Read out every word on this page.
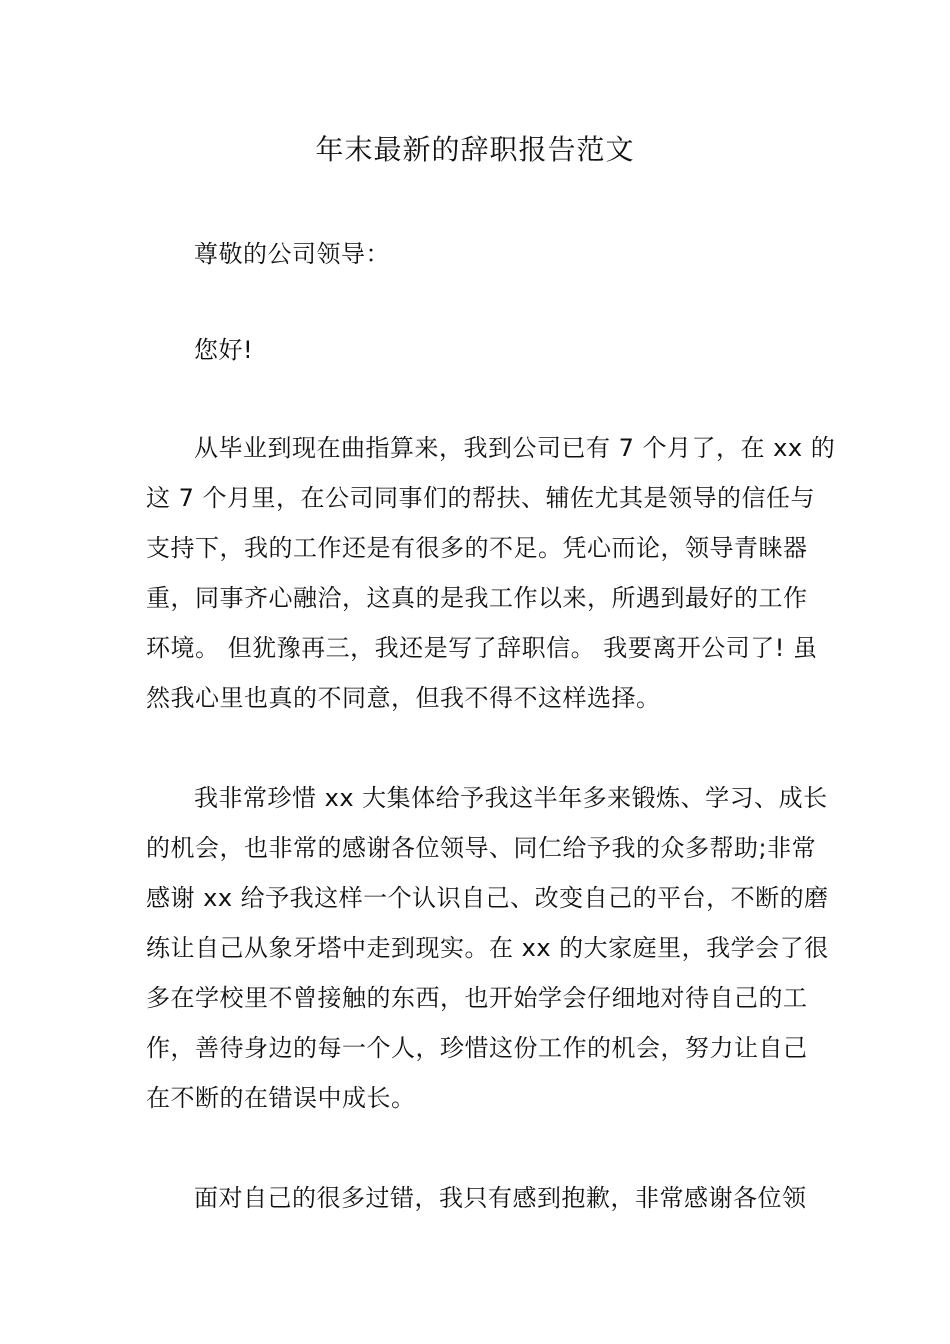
年末最新的辞职报告范文
尊敬的公司领导：
您好!
从毕业到现在曲指算来，我到公司已有 7 个月了，在 xx 的
这 7 个月里，在公司同事们的帮扶、辅佐尤其是领导的信任与
支持下，我的工作还是有很多的不足。凭心而论，领导青睐器
重，同事齐心融洽，这真的是我工作以来，所遇到最好的工作
环境。 但犹豫再三，我还是写了辞职信。 我要离开公司了! 虽
然我心里也真的不同意，但我不得不这样选择。
我非常珍惜 xx 大集体给予我这半年多来锻炼、学习、成长
的机会，也非常的感谢各位领导、同仁给予我的众多帮助;非常
感谢 xx 给予我这样一个认识自己、改变自己的平台，不断的磨
练让自己从象牙塔中走到现实。在 xx 的大家庭里，我学会了很
多在学校里不曾接触的东西，也开始学会仔细地对待自己的工
作，善待身边的每一个人，珍惜这份工作的机会，努力让自己
在不断的在错误中成长。
面对自己的很多过错，我只有感到抱歉，非常感谢各位领
